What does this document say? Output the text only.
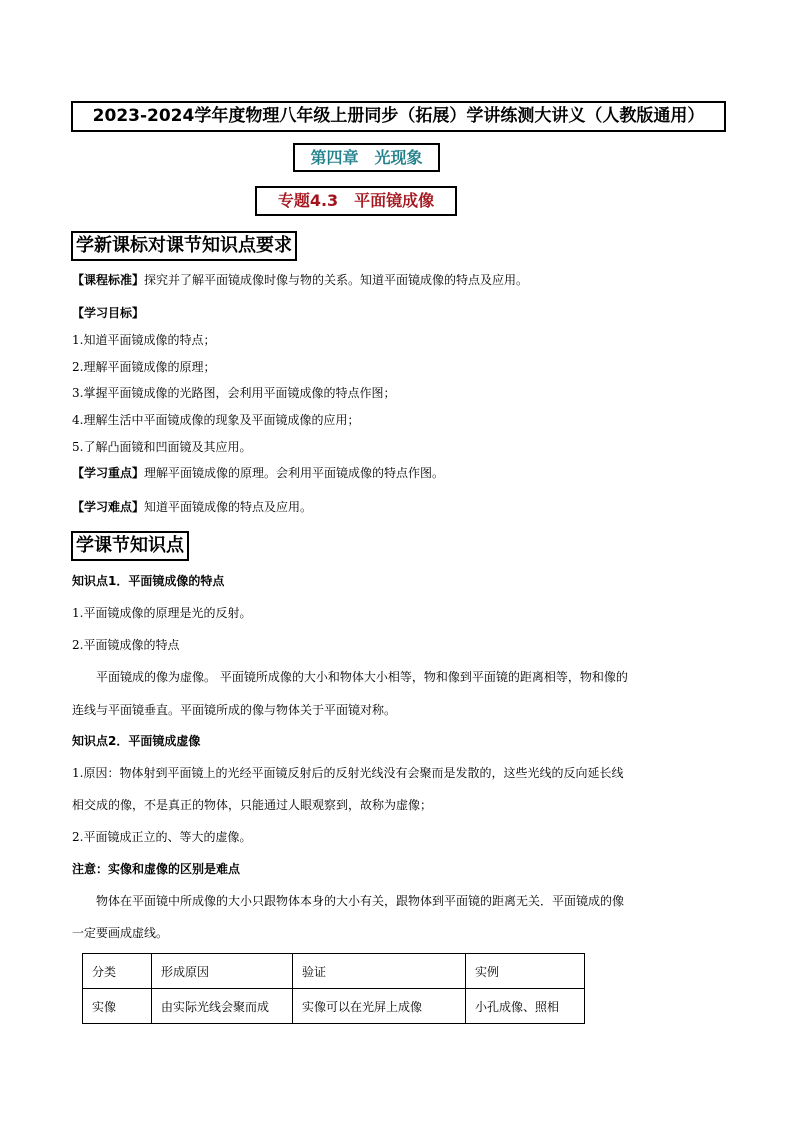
2023-2024学年度物理八年级上册同步（拓展）学讲练测大讲义（人教版通用）
第四章　光现象
专题4.3　平面镜成像
学新课标对课节知识点要求
【课程标准】探究并了解平面镜成像时像与物的关系。知道平面镜成像的特点及应用。
【学习目标】
1.知道平面镜成像的特点；
2.理解平面镜成像的原理；
3.掌握平面镜成像的光路图，会利用平面镜成像的特点作图；
4.理解生活中平面镜成像的现象及平面镜成像的应用；
5.了解凸面镜和凹面镜及其应用。
【学习重点】理解平面镜成像的原理。会利用平面镜成像的特点作图。
【学习难点】知道平面镜成像的特点及应用。
学课节知识点
知识点1．平面镜成像的特点
1.平面镜成像的原理是光的反射。
2.平面镜成像的特点
平面镜成的像为虚像。 平面镜所成像的大小和物体大小相等，物和像到平面镜的距离相等，物和像的
连线与平面镜垂直。平面镜所成的像与物体关于平面镜对称。
知识点2．平面镜成虚像
1.原因：物体射到平面镜上的光经平面镜反射后的反射光线没有会聚而是发散的，这些光线的反向延长线
相交成的像，不是真正的物体，只能通过人眼观察到，故称为虚像；
2.平面镜成正立的、等大的虚像。
注意：实像和虚像的区别是难点
物体在平面镜中所成像的大小只跟物体本身的大小有关，跟物体到平面镜的距离无关．平面镜成的像
一定要画成虚线。
分类	形成原因	验证	实例
实像	由实际光线会聚而成	实像可以在光屏上成像	小孔成像、照相
